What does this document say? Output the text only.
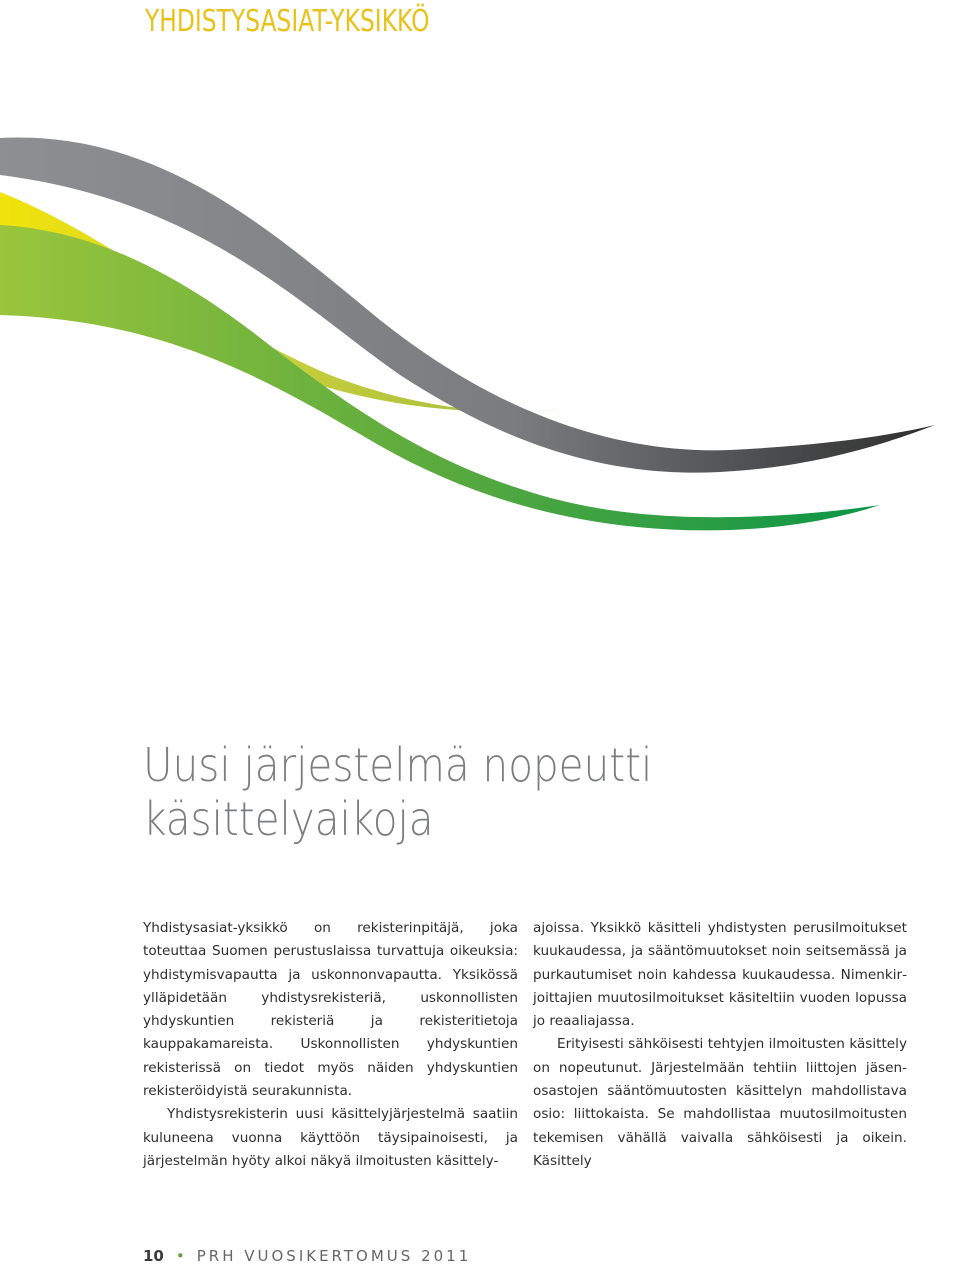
YHDISTYSASIAT-YKSIKKÖ
Uusi järjestelmä nopeutti
käsittelyaikoja

Yhdistysasiat-yksikkö on rekisterinpitäjä, joka toteuttaa Suomen perustuslaissa turvattuja oikeuksia: yhdistymisvapautta ja uskonnonvapautta. Yksikössä ylläpidetään yhdistysrekisteriä, uskonnollisten yhdyskuntien rekisteriä ja rekisteritietoja kauppakamareista. Uskonnollisten yhdyskuntien rekisterissä on tiedot myös näiden yhdyskuntien rekisteröidyistä seurakunnista.

Yhdistysrekisterin uusi käsittelyjärjestelmä saatiin kuluneena vuonna käyttöön täysipainoisesti, ja järjestelmän hyöty alkoi näkyä ilmoitusten käsittely-

ajoissa. Yksikkö käsitteli yhdistysten perusilmoitukset kuukaudessa, ja sääntömuutokset noin seitsemässä ja purkautumiset noin kahdessa kuukaudessa. Nimenkirjoittajien muutosilmoitukset käsiteltiin vuoden lopussa jo reaaliajassa.

Erityisesti sähköisesti tehtyjen ilmoitusten käsittely on nopeutunut. Järjestelmään tehtiin liittojen jäsenosastojen sääntömuutosten käsittelyn mahdollistava osio: liittokaista. Se mahdollistaa muutosilmoitusten tekemisen vähällä vaivalla sähköisesti ja oikein. Käsittely

10 • PRH VUOSIKERTOMUS 2011
